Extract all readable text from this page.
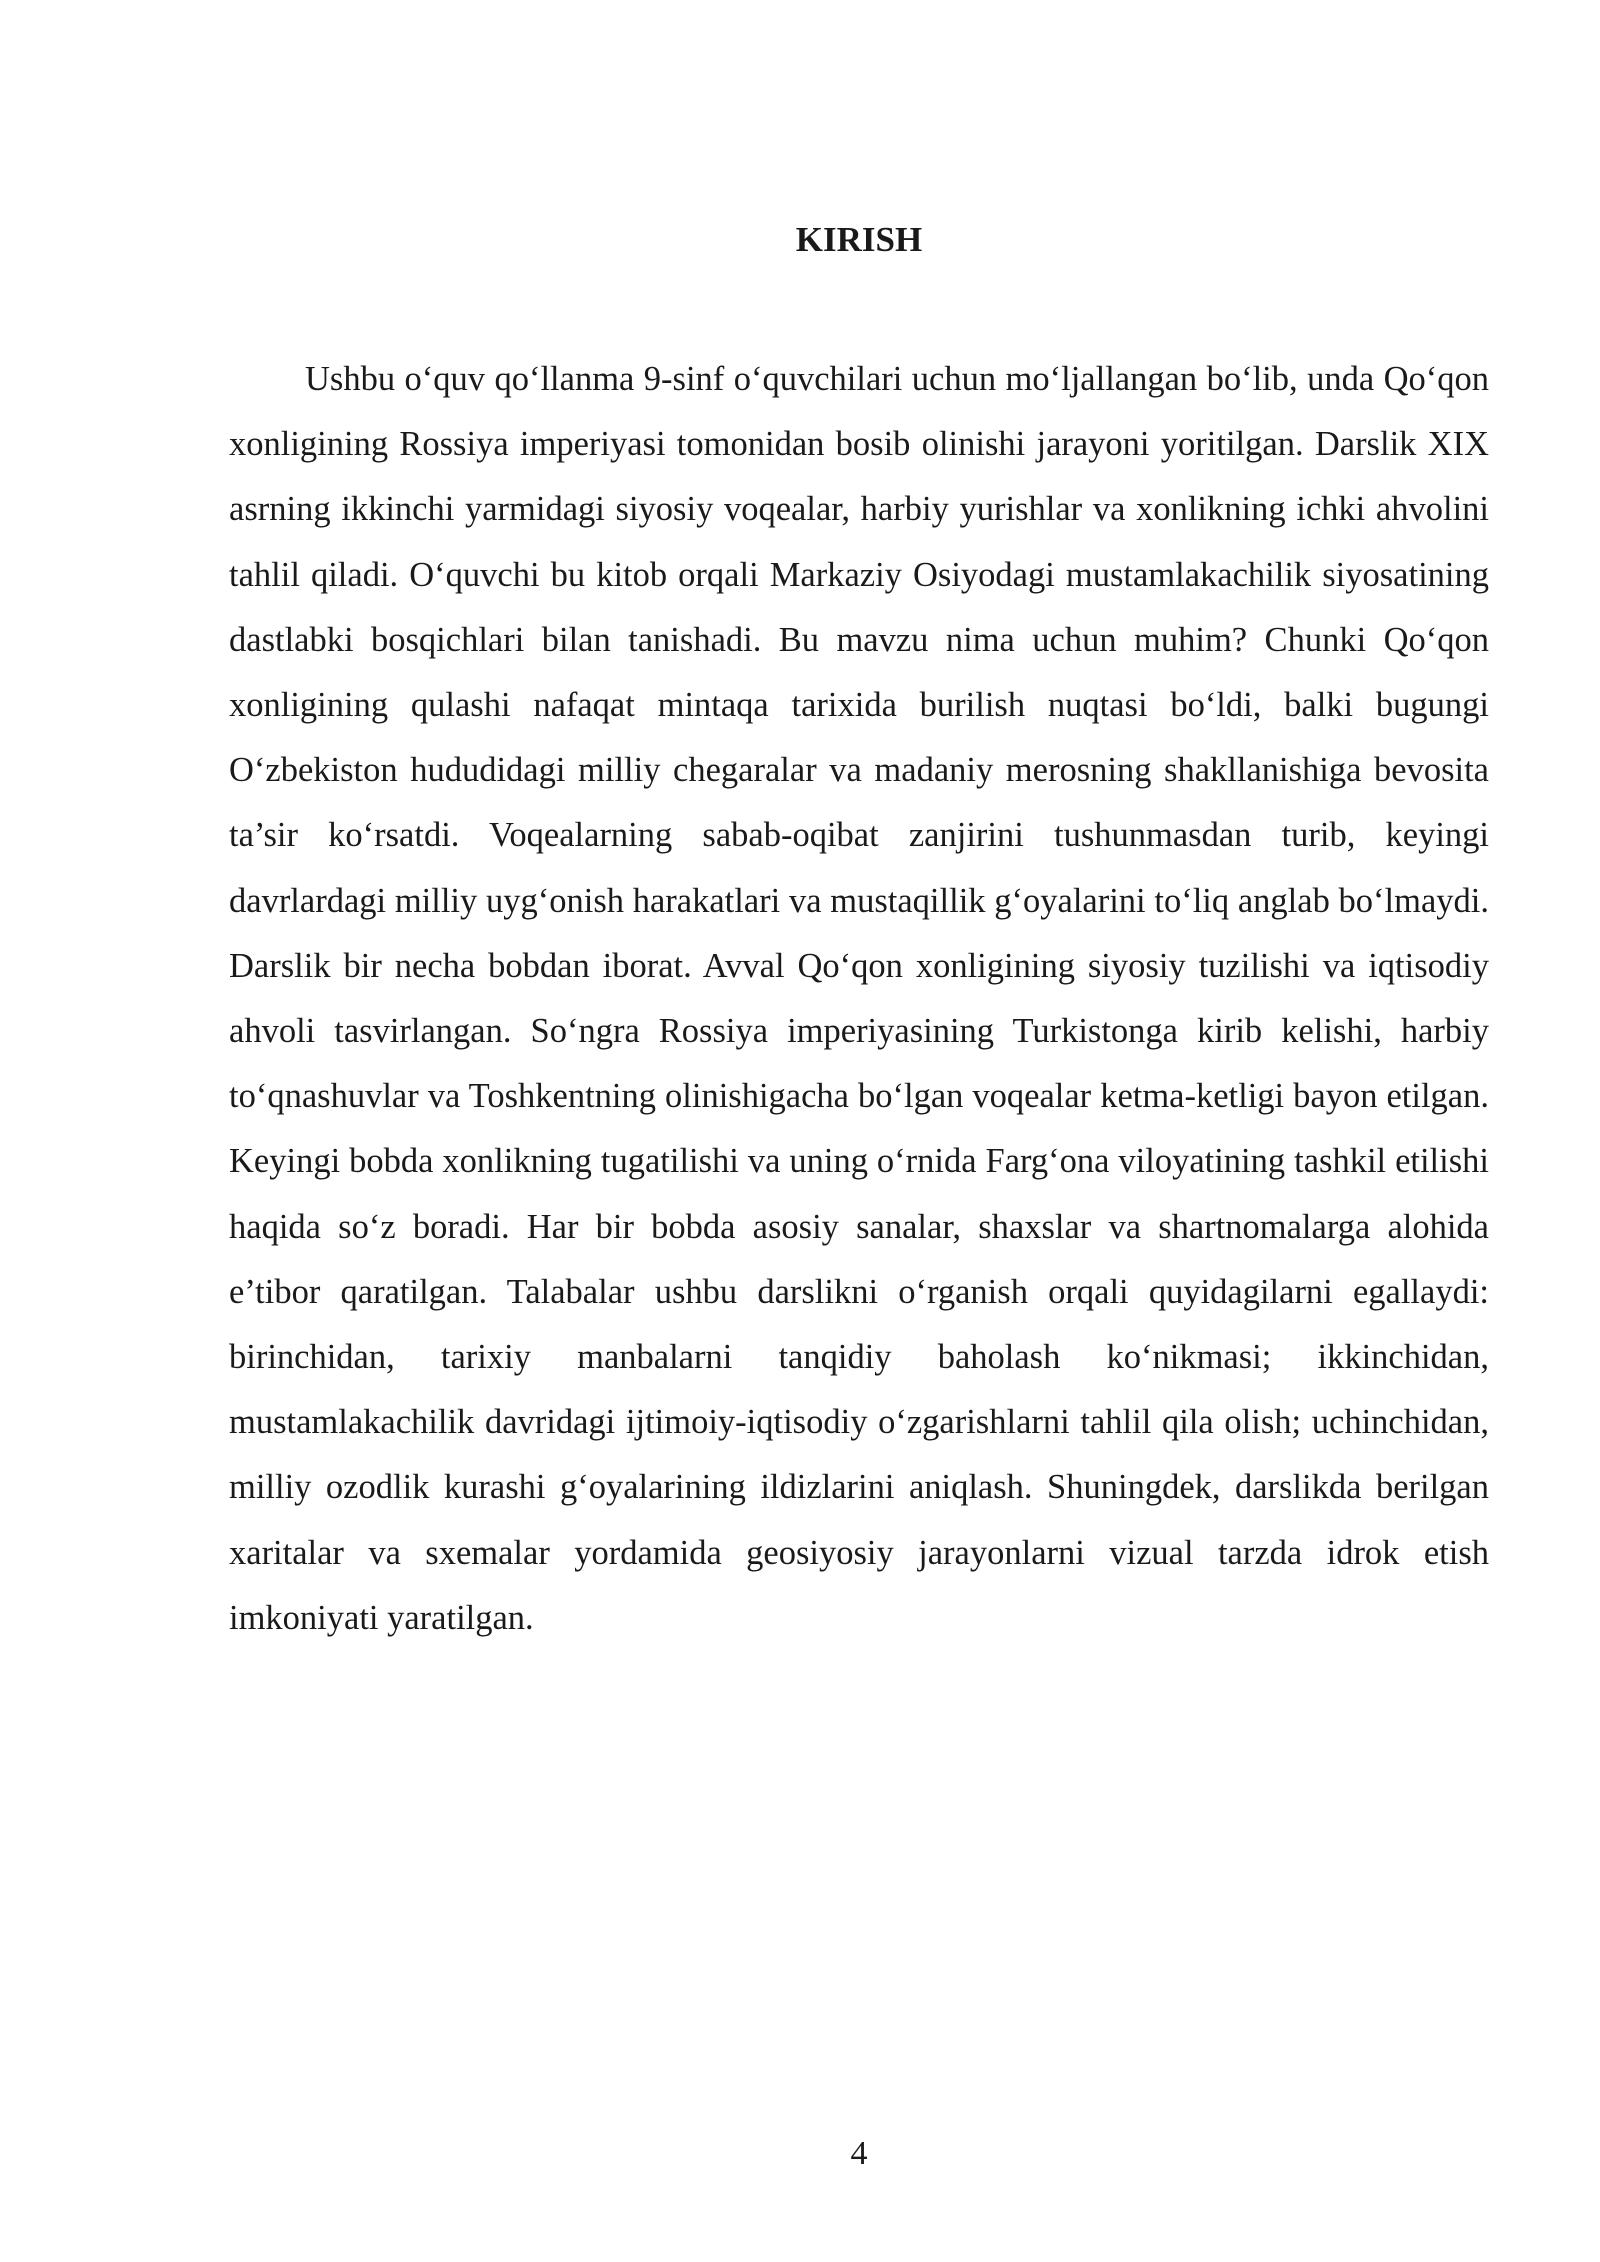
KIRISH

Ushbu o‘quv qo‘llanma 9-sinf o‘quvchilari uchun mo‘ljallangan bo‘lib, unda Qo‘qon xonligining Rossiya imperiyasi tomonidan bosib olinishi jarayoni yoritilgan. Darslik XIX asrning ikkinchi yarmidagi siyosiy voqealar, harbiy yurishlar va xonlikning ichki ahvolini tahlil qiladi. O‘quvchi bu kitob orqali Markaziy Osiyodagi mustamlakachilik siyosatining dastlabki bosqichlari bilan tanishadi. Bu mavzu nima uchun muhim? Chunki Qo‘qon xonligining qulashi nafaqat mintaqa tarixida burilish nuqtasi bo‘ldi, balki bugungi O‘zbekiston hududidagi milliy chegaralar va madaniy merosning shakllanishiga bevosita ta’sir ko‘rsatdi. Voqealarning sabab-oqibat zanjirini tushunmasdan turib, keyingi davrlardagi milliy uyg‘onish harakatlari va mustaqillik g‘oyalarini to‘liq anglab bo‘lmaydi. Darslik bir necha bobdan iborat. Avval Qo‘qon xonligining siyosiy tuzilishi va iqtisodiy ahvoli tasvirlangan. So‘ngra Rossiya imperiyasining Turkistonga kirib kelishi, harbiy to‘qnashuvlar va Toshkentning olinishigacha bo‘lgan voqealar ketma-ketligi bayon etilgan. Keyingi bobda xonlikning tugatilishi va uning o‘rnida Farg‘ona viloyatining tashkil etilishi haqida so‘z boradi. Har bir bobda asosiy sanalar, shaxslar va shartnomalarga alohida e’tibor qaratilgan. Talabalar ushbu darslikni o‘rganish orqali quyidagilarni egallaydi: birinchidan, tarixiy manbalarni tanqidiy baholash ko‘nikmasi; ikkinchidan, mustamlakachilik davridagi ijtimoiy-iqtisodiy o‘zgarishlarni tahlil qila olish; uchinchidan, milliy ozodlik kurashi g‘oyalarining ildizlarini aniqlash. Shuningdek, darslikda berilgan xaritalar va sxemalar yordamida geosiyosiy jarayonlarni vizual tarzda idrok etish imkoniyati yaratilgan.

4
